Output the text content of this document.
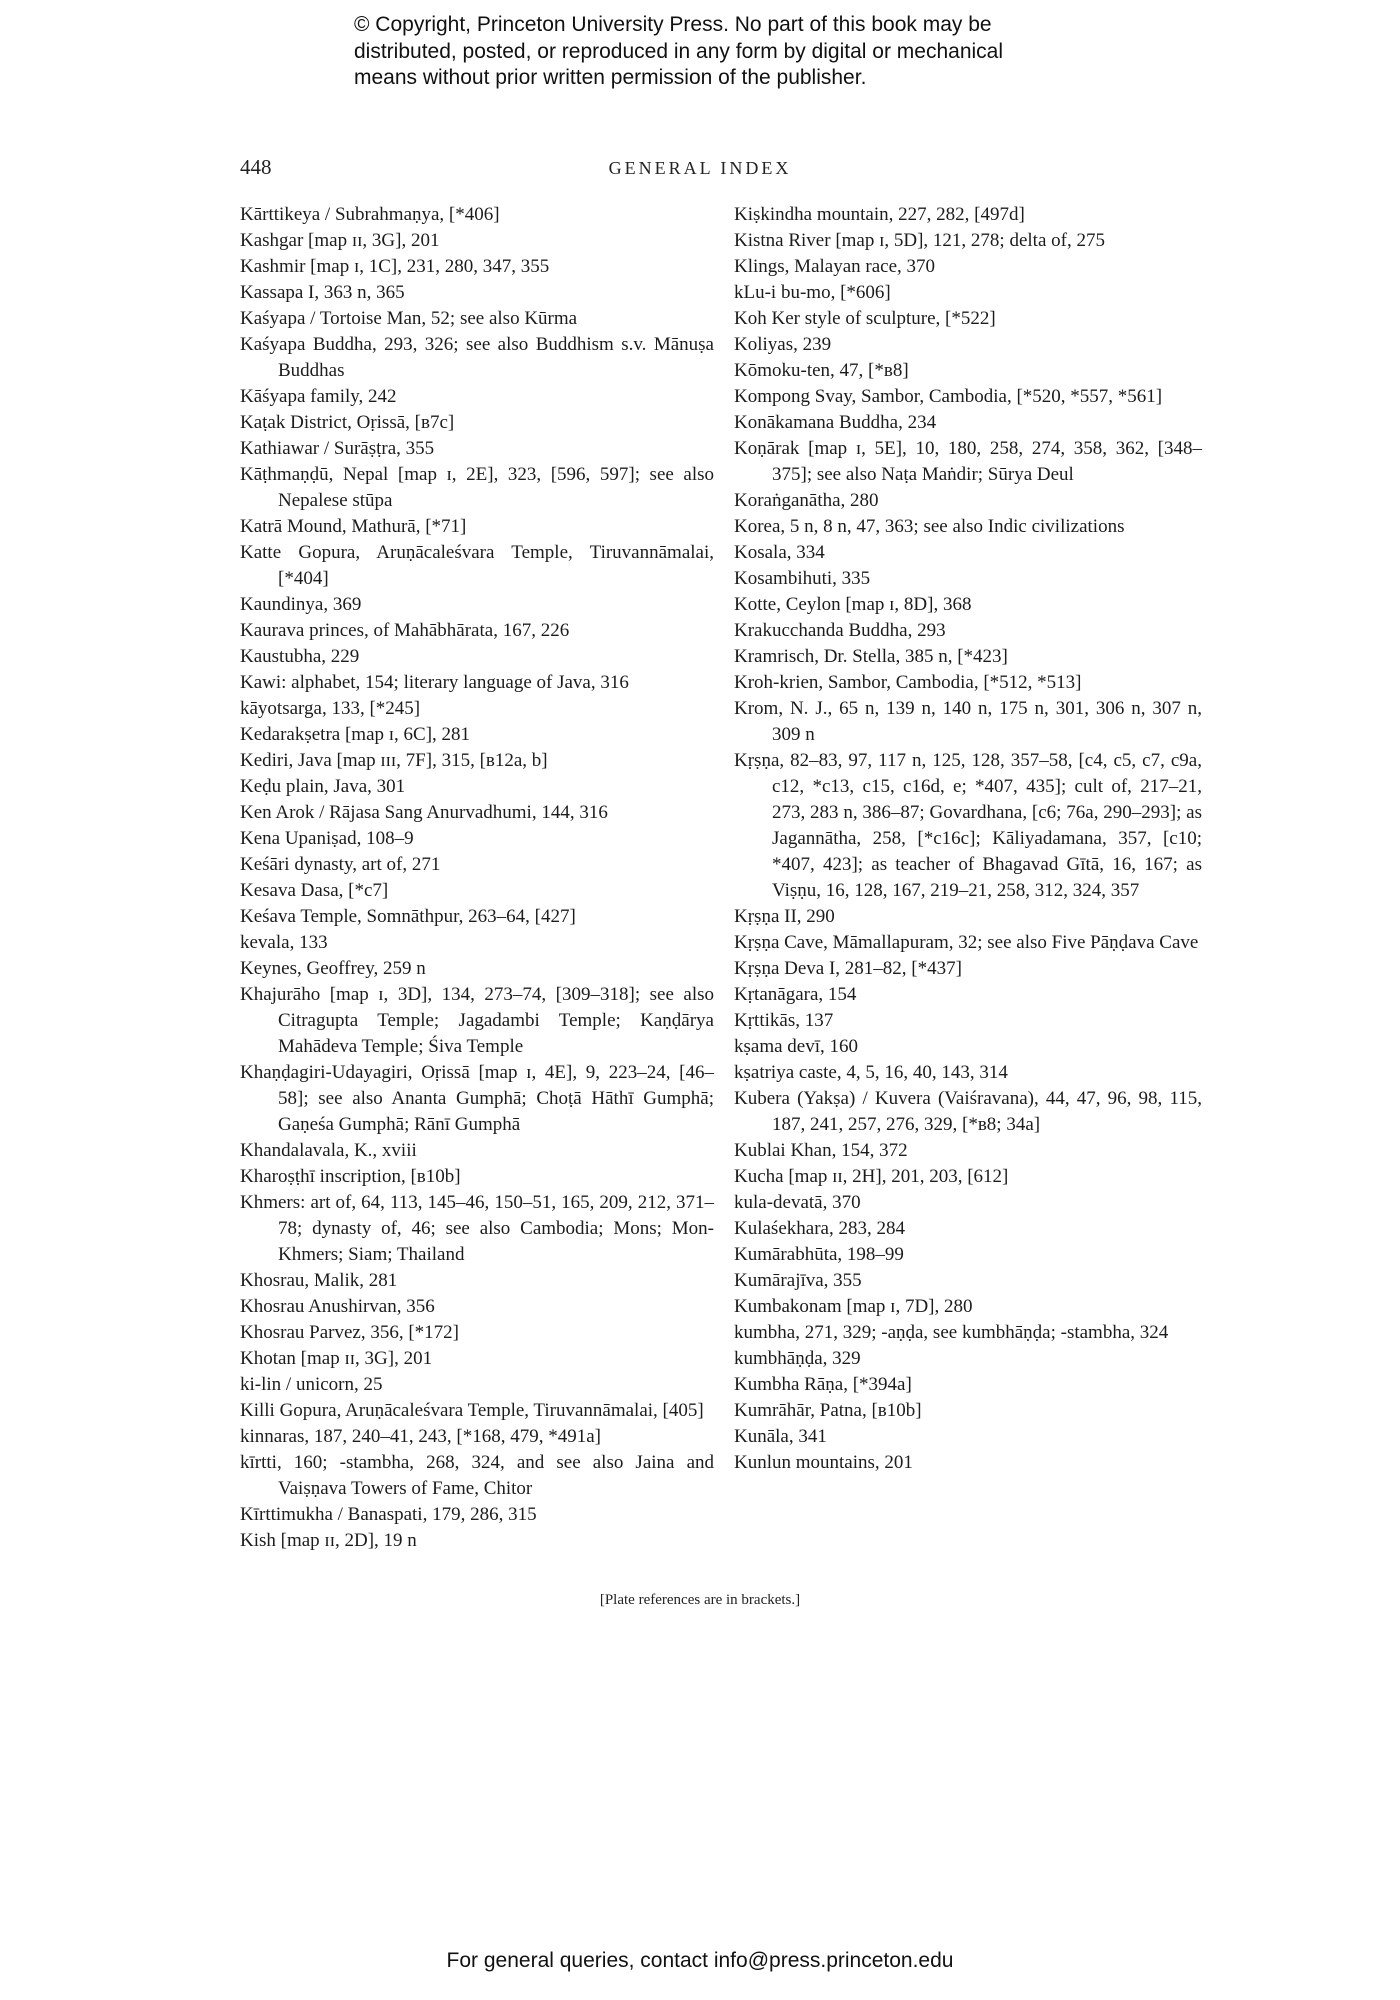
© Copyright, Princeton University Press. No part of this book may be
distributed, posted, or reproduced in any form by digital or mechanical
means without prior written permission of the publisher.
448	GENERAL INDEX
Kārttikeya / Subrahmaṇya, [*406]
Kashgar [map ɪɪ, 3G], 201
Kashmir [map ɪ, 1C], 231, 280, 347, 355
Kassapa I, 363 n, 365
Kaśyapa / Tortoise Man, 52; see also Kūrma
Kaśyapa Buddha, 293, 326; see also Buddhism s.v. Mānuṣa Buddhas
Kāśyapa family, 242
Kaṭak District, Oṛissā, [ʙ7c]
Kathiawar / Surāṣṭra, 355
Kāṭhmaṇḍū, Nepal [map ɪ, 2E], 323, [596, 597]; see also Nepalese stūpa
Katrā Mound, Mathurā, [*71]
Katte Gopura, Aruṇācaleśvara Temple, Tiruvannāmalai, [*404]
Kaundinya, 369
Kaurava princes, of Mahābhārata, 167, 226
Kaustubha, 229
Kawi: alphabet, 154; literary language of Java, 316
kāyotsarga, 133, [*245]
Kedarakṣetra [map ɪ, 6C], 281
Kediri, Java [map ɪɪɪ, 7F], 315, [ʙ12a, b]
Keḍu plain, Java, 301
Ken Arok / Rājasa Sang Anurvadhumi, 144, 316
Kena Upaniṣad, 108–9
Keśāri dynasty, art of, 271
Kesava Dasa, [*c7]
Keśava Temple, Somnāthpur, 263–64, [427]
kevala, 133
Keynes, Geoffrey, 259 n
Khajurāho [map ɪ, 3D], 134, 273–74, [309–318]; see also Citragupta Temple; Jagadambi Temple; Kaṇḍārya Mahādeva Temple; Śiva Temple
Khaṇḍagiri-Udayagiri, Oṛissā [map ɪ, 4E], 9, 223–24, [46–58]; see also Ananta Gumphā; Choṭā Hāthī Gumphā; Gaṇeśa Gumphā; Rānī Gumphā
Khandalavala, K., xviii
Kharoṣṭhī inscription, [ʙ10b]
Khmers: art of, 64, 113, 145–46, 150–51, 165, 209, 212, 371–78; dynasty of, 46; see also Cambodia; Mons; Mon-Khmers; Siam; Thailand
Khosrau, Malik, 281
Khosrau Anushirvan, 356
Khosrau Parvez, 356, [*172]
Khotan [map ɪɪ, 3G], 201
ki-lin / unicorn, 25
Killi Gopura, Aruṇācaleśvara Temple, Tiruvannāmalai, [405]
kinnaras, 187, 240–41, 243, [*168, 479, *491a]
kīrtti, 160; -stambha, 268, 324, and see also Jaina and Vaiṣṇava Towers of Fame, Chitor
Kīrttimukha / Banaspati, 179, 286, 315
Kish [map ɪɪ, 2D], 19 n
Kiṣkindha mountain, 227, 282, [497d]
Kistna River [map ɪ, 5D], 121, 278; delta of, 275
Klings, Malayan race, 370
kLu-i bu-mo, [*606]
Koh Ker style of sculpture, [*522]
Koliyas, 239
Kōmoku-ten, 47, [*ʙ8]
Kompong Svay, Sambor, Cambodia, [*520, *557, *561]
Konākamana Buddha, 234
Koṇārak [map ɪ, 5E], 10, 180, 258, 274, 358, 362, [348–375]; see also Naṭa Maṅdir; Sūrya Deul
Koraṅganātha, 280
Korea, 5 n, 8 n, 47, 363; see also Indic civilizations
Kosala, 334
Kosambihuti, 335
Kotte, Ceylon [map ɪ, 8D], 368
Krakucchanda Buddha, 293
Kramrisch, Dr. Stella, 385 n, [*423]
Kroh-krien, Sambor, Cambodia, [*512, *513]
Krom, N. J., 65 n, 139 n, 140 n, 175 n, 301, 306 n, 307 n, 309 n
Kṛṣṇa, 82–83, 97, 117 n, 125, 128, 357–58, [c4, c5, c7, c9a, c12, *c13, c15, c16d, e; *407, 435]; cult of, 217–21, 273, 283 n, 386–87; Govardhana, [c6; 76a, 290–293]; as Jagannātha, 258, [*c16c]; Kāliyadamana, 357, [c10; *407, 423]; as teacher of Bhagavad Gītā, 16, 167; as Viṣṇu, 16, 128, 167, 219–21, 258, 312, 324, 357
Kṛṣṇa II, 290
Kṛṣṇa Cave, Māmallapuram, 32; see also Five Pāṇḍava Cave
Kṛṣṇa Deva I, 281–82, [*437]
Kṛtanāgara, 154
Kṛttikās, 137
kṣama devī, 160
kṣatriya caste, 4, 5, 16, 40, 143, 314
Kubera (Yakṣa) / Kuvera (Vaiśravana), 44, 47, 96, 98, 115, 187, 241, 257, 276, 329, [*ʙ8; 34a]
Kublai Khan, 154, 372
Kucha [map ɪɪ, 2H], 201, 203, [612]
kula-devatā, 370
Kulaśekhara, 283, 284
Kumārabhūta, 198–99
Kumārajīva, 355
Kumbakonam [map ɪ, 7D], 280
kumbha, 271, 329; -aṇḍa, see kumbhāṇḍa; -stambha, 324
kumbhāṇḍa, 329
Kumbha Rāṇa, [*394a]
Kumrāhār, Patna, [ʙ10b]
Kunāla, 341
Kunlun mountains, 201
[Plate references are in brackets.]
For general queries, contact info@press.princeton.edu
